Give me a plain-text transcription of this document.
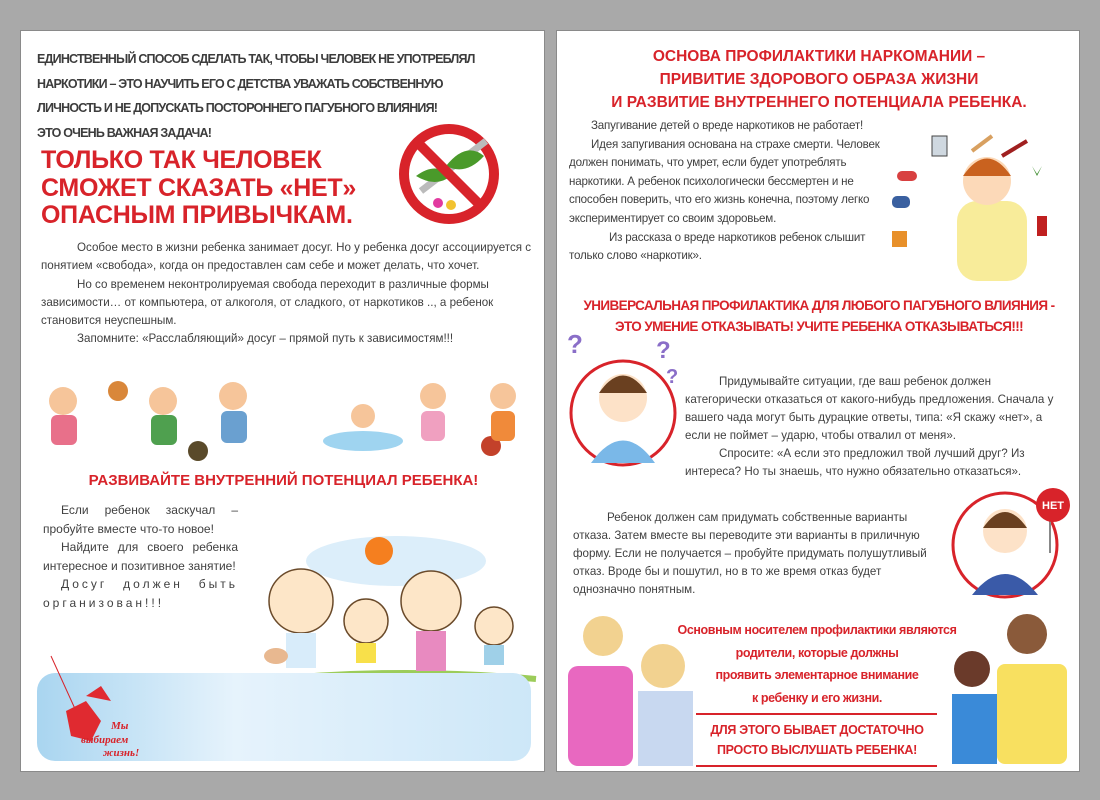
ЕДИНСТВЕННЫЙ СПОСОБ СДЕЛАТЬ ТАК, ЧТОБЫ ЧЕЛОВЕК НЕ УПОТРЕБЛЯЛ
НАРКОТИКИ – ЭТО НАУЧИТЬ ЕГО С ДЕТСТВА УВАЖАТЬ СОБСТВЕННУЮ
ЛИЧНОСТЬ И НЕ ДОПУСКАТЬ ПОСТОРОННЕГО ПАГУБНОГО ВЛИЯНИЯ!
ЭТО ОЧЕНЬ ВАЖНАЯ ЗАДАЧА!
ТОЛЬКО ТАК ЧЕЛОВЕК
СМОЖЕТ СКАЗАТЬ «НЕТ»
ОПАСНЫМ ПРИВЫЧКАМ.

Особое место в жизни ребенка занимает досуг. Но у ребенка досуг ассоциируется с понятием «свобода», когда он предоставлен сам себе и может делать, что хочет.

Но со временем неконтролируемая свобода переходит в различные формы зависимости… от компьютера, от алкоголя, от сладкого, от наркотиков .., а ребенок становится неуспешным.

Запомните: «Расслабляющий» досуг – прямой путь к зависимостям!!!

РАЗВИВАЙТЕ ВНУТРЕННИЙ ПОТЕНЦИАЛ РЕБЕНКА!

Если ребенок заскучал – пробуйте вместе что-то новое!

Найдите для своего ребенка интересное и позитивное занятие!

Досуг должен быть организован!!!

Мы
выбираем
жизнь!
ОСНОВА ПРОФИЛАКТИКИ НАРКОМАНИИ –
ПРИВИТИЕ ЗДОРОВОГО ОБРАЗА ЖИЗНИ
И РАЗВИТИЕ ВНУТРЕННЕГО ПОТЕНЦИАЛА РЕБЕНКА.

Запугивание детей о вреде наркотиков не работает!

Идея запугивания основана на страхе смерти. Человек должен понимать, что умрет, если будет употреблять наркотики. А ребенок психологически бессмертен и не способен поверить, что его жизнь конечна, поэтому легко экспериментирует со своим здоровьем.

Из рассказа о вреде наркотиков ребенок слышит только слово «наркотик».

УНИВЕРСАЛЬНАЯ ПРОФИЛАКТИКА ДЛЯ ЛЮБОГО ПАГУБНОГО ВЛИЯНИЯ -
ЭТО УМЕНИЕ ОТКАЗЫВАТЬ! УЧИТЕ РЕБЕНКА ОТКАЗЫВАТЬСЯ!!!
?	?
?	Придумывайте ситуации, где ваш ребенок должен категорически отказаться от какого-нибудь предложения. Сначала у вашего чада могут быть дурацкие ответы, типа: «Я скажу «нет», а если не поймет – ударю, чтобы отвалил от меня».

Спросите: «А если это предложил твой лучший друг? Из интереса? Но ты знаешь, что нужно обязательно отказаться».

Ребенок должен сам придумать собственные варианты отказа. Затем вместе вы переводите эти варианты в приличную форму. Если не получается – пробуйте придумать полушутливый отказ. Вроде бы и пошутил, но в то же время отказ будет однозначно понятным.

НЕТ
Основным носителем профилактики являются
родители, которые должны
проявить элементарное внимание
к ребенку и его жизни.
ДЛЯ ЭТОГО БЫВАЕТ ДОСТАТОЧНО
ПРОСТО ВЫСЛУШАТЬ РЕБЕНКА!
